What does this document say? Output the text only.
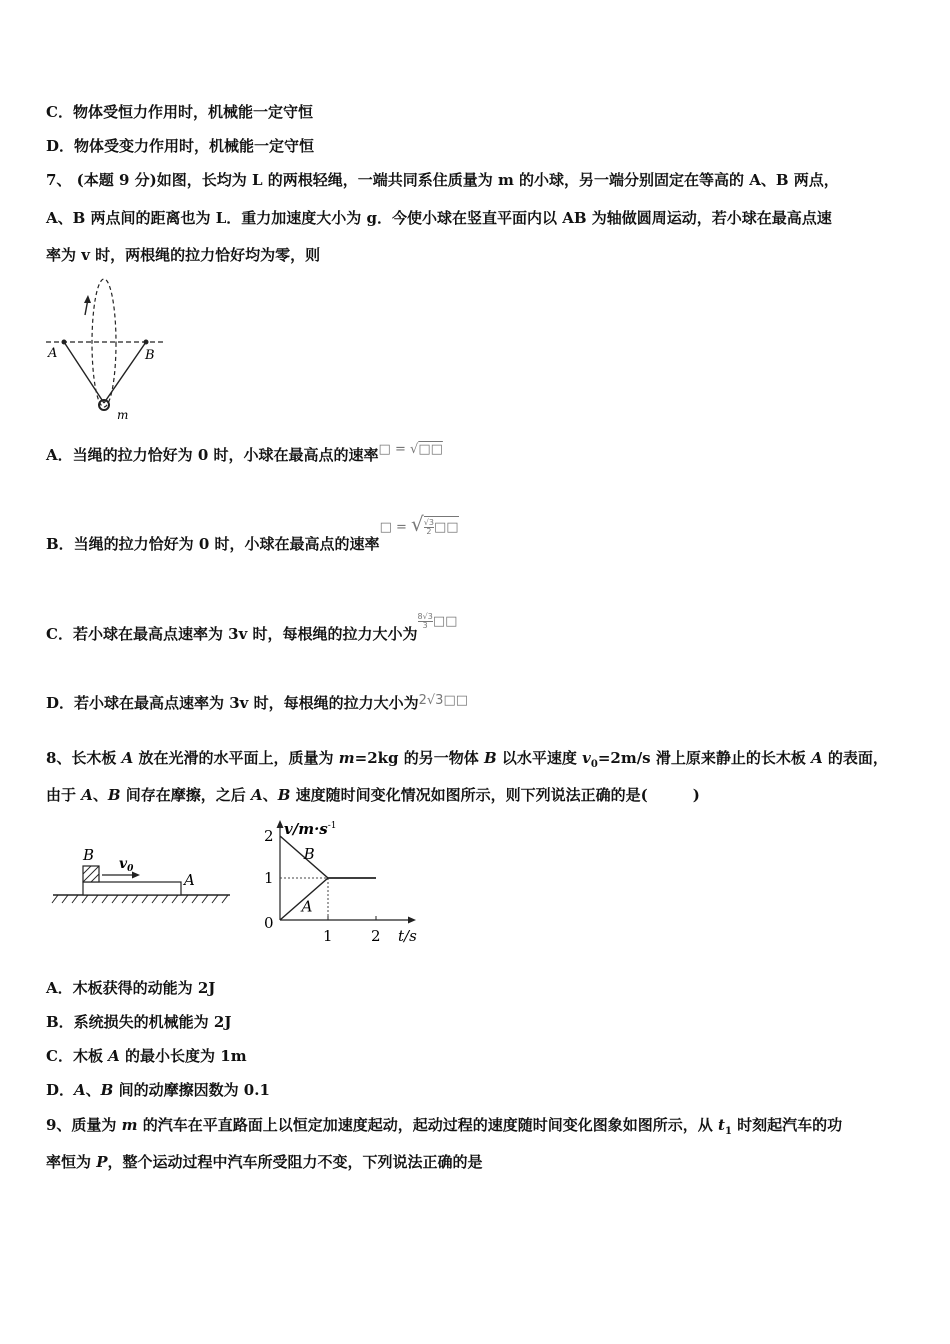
C．物体受恒力作用时，机械能一定守恒
D．物体受变力作用时，机械能一定守恒
7、 (本题 9 分)如图，长均为 L 的两根轻绳，一端共同系住质量为 m 的小球，另一端分别固定在等高的 A、B 两点，
A、B 两点间的距离也为 L．重力加速度大小为 g．今使小球在竖直平面内以 AB 为轴做圆周运动，若小球在最高点速
率为 v 时，两根绳的拉力恰好均为零，则
A	B
m
A．当绳的拉力恰好为 0 时，小球在最高点的速率□ = √□□
B．当绳的拉力恰好为 0 时，小球在最高点的速率□ = √ $\frac{√3}{2}$ □□
C．若小球在最高点速率为 3v 时，每根绳的拉力大小为
$\frac{8√3}{3}$ □□
D．若小球在最高点速率为 3v 时，每根绳的拉力大小为2√3□□
8、长木板 A 放在光滑的水平面上，质量为 m=2kg 的另一物体 B 以水平速度 $v_0=2m/s$ 滑上原来静止的长木板 A 的表面，
由于 A、B 间存在摩擦，之后 A、B 速度随时间变化情况如图所示，则下列说法正确的是(　　　)
B $v_0$
A
B
A
1	2
1
2 $v/m\cdot s^{-1}$
t/s
0
A．木板获得的动能为 2J
B．系统损失的机械能为 2J
C．木板 A 的最小长度为 1m
D．A、B 间的动摩擦因数为 0.1
9、质量为 m 的汽车在平直路面上以恒定加速度起动，起动过程的速度随时间变化图象如图所示，从 $t_1$ 时刻起汽车的功
率恒为 P，整个运动过程中汽车所受阻力不变，下列说法正确的是
